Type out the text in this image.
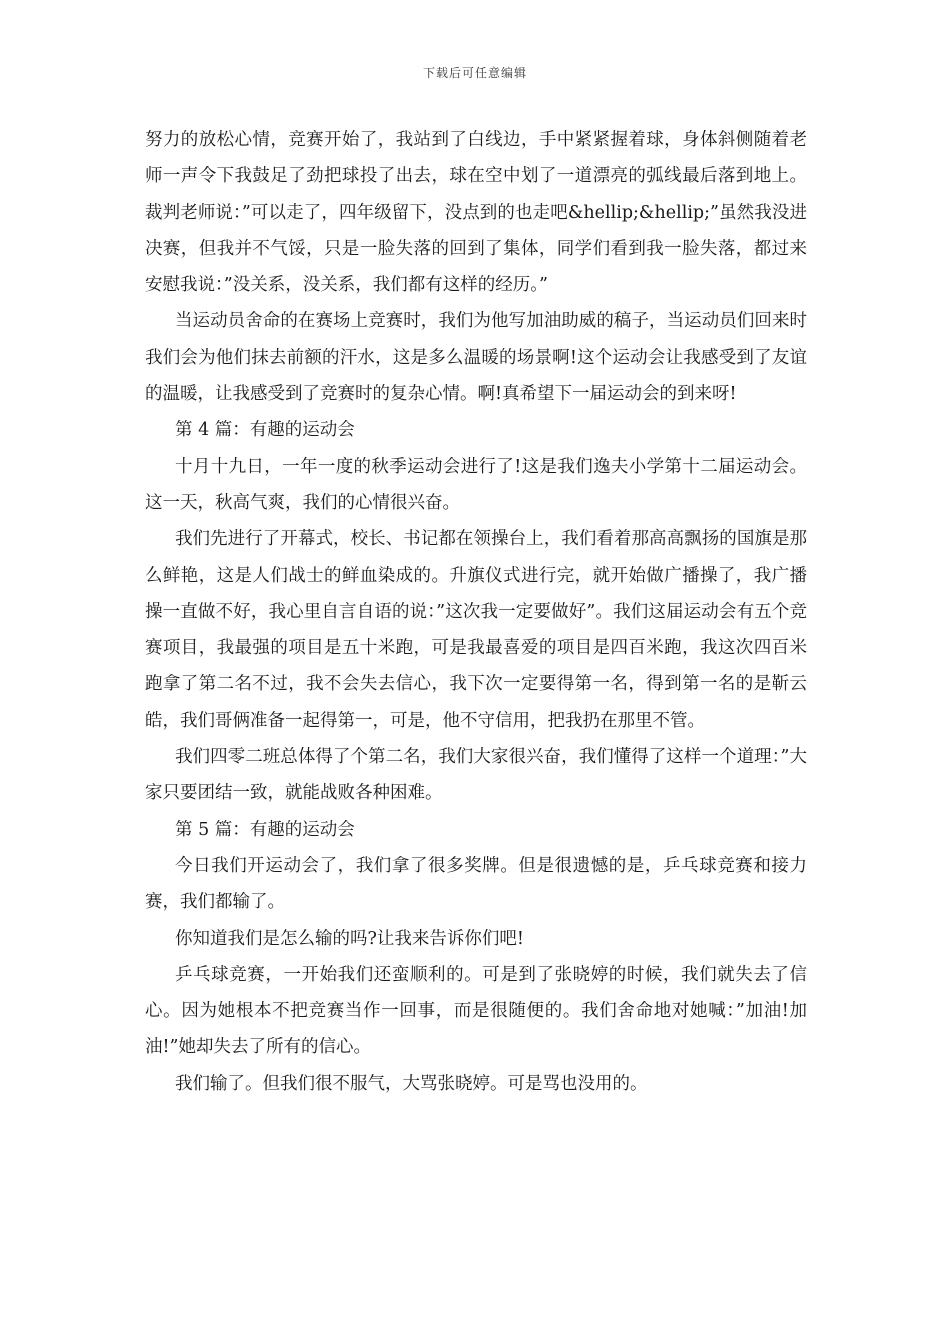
下载后可任意编辑

努力的放松心情，竞赛开始了，我站到了白线边，手中紧紧握着球，身体斜侧随着老师一声令下我鼓足了劲把球投了出去，球在空中划了一道漂亮的弧线最后落到地上。裁判老师说：”可以走了，四年级留下，没点到的也走吧&hellip;&hellip;”虽然我没进决赛，但我并不气馁，只是一脸失落的回到了集体，同学们看到我一脸失落，都过来安慰我说：”没关系，没关系，我们都有这样的经历。”

当运动员舍命的在赛场上竞赛时，我们为他写加油助威的稿子，当运动员们回来时我们会为他们抹去前额的汗水，这是多么温暖的场景啊!这个运动会让我感受到了友谊的温暖，让我感受到了竞赛时的复杂心情。啊!真希望下一届运动会的到来呀!

第 4 篇：有趣的运动会

十月十九日，一年一度的秋季运动会进行了!这是我们逸夫小学第十二届运动会。这一天，秋高气爽，我们的心情很兴奋。

我们先进行了开幕式，校长、书记都在领操台上，我们看着那高高飘扬的国旗是那么鲜艳，这是人们战士的鲜血染成的。升旗仪式进行完，就开始做广播操了，我广播操一直做不好，我心里自言自语的说：”这次我一定要做好”。我们这届运动会有五个竞赛项目，我最强的项目是五十米跑，可是我最喜爱的项目是四百米跑，我这次四百米跑拿了第二名不过，我不会失去信心，我下次一定要得第一名，得到第一名的是靳云皓，我们哥俩准备一起得第一，可是，他不守信用，把我扔在那里不管。

我们四零二班总体得了个第二名，我们大家很兴奋，我们懂得了这样一个道理：”大家只要团结一致，就能战败各种困难。

第 5 篇：有趣的运动会

今日我们开运动会了，我们拿了很多奖牌。但是很遗憾的是，乒乓球竞赛和接力赛，我们都输了。

你知道我们是怎么输的吗?让我来告诉你们吧!

乒乓球竞赛，一开始我们还蛮顺利的。可是到了张晓婷的时候，我们就失去了信心。因为她根本不把竞赛当作一回事，而是很随便的。我们舍命地对她喊：”加油!加油!”她却失去了所有的信心。

我们输了。但我们很不服气，大骂张晓婷。可是骂也没用的。
